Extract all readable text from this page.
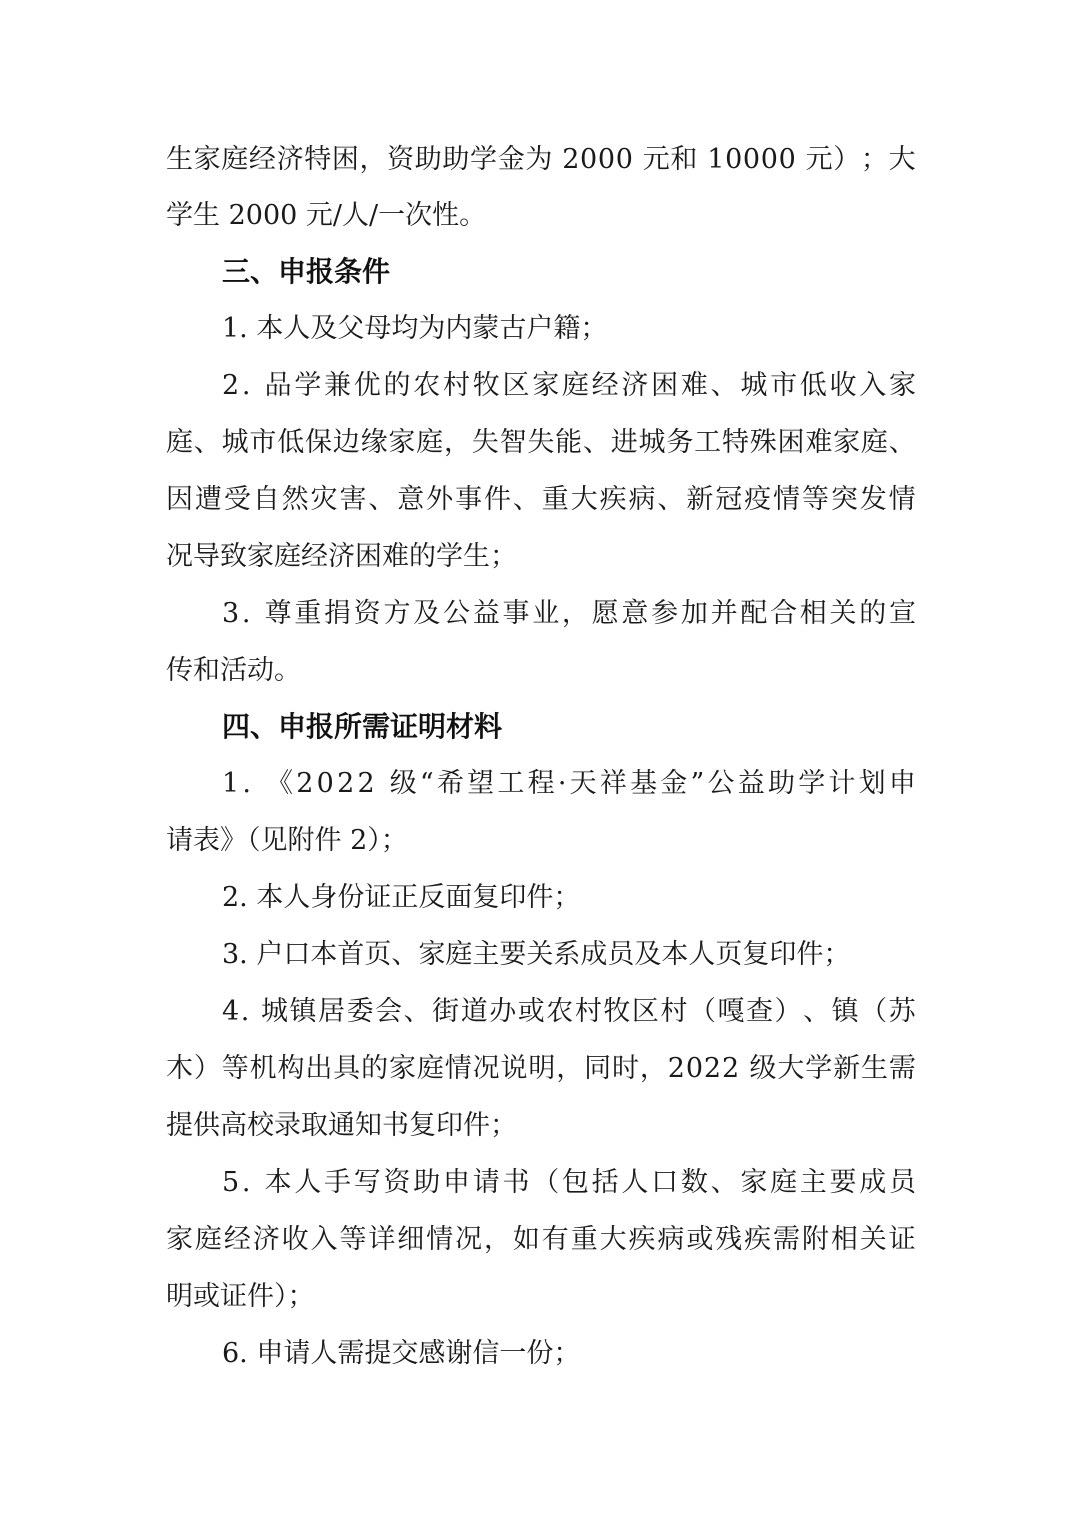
生 家 庭 经 济 特 困 ， 资 助 助 学 金 为
2 0 0 0
元 和
1 0 0 0 0
元 ） ； 大
学生 2000 元/人/一次性。
三、申报条件
1. 本人及父母均为内蒙古户籍；
2 .
品 学 兼 优 的 农 村 牧 区 家 庭 经 济 困 难 、 城 市 低 收 入 家
庭 、 城 市 低 保 边 缘 家 庭 ， 失 智 失 能 、 进 城 务 工 特 殊 困 难 家 庭 、
因 遭 受 自 然 灾 害 、 意 外 事 件 、 重 大 疾 病 、 新 冠 疫 情 等 突 发 情
况导致家庭经济困难的学生；
3 .
尊 重 捐 资 方 及 公 益 事 业 ， 愿 意 参 加 并 配 合 相 关 的 宣
传和活动。
四、申报所需证明材料
1 .
《 2 0 2 2
级 “ 希 望 工 程 · 天 祥 基 金 ” 公 益 助 学 计 划 申
请表》（见附件 2）；
2. 本人身份证正反面复印件；
3. 户口本首页、家庭主要关系成员及本人页复印件；
4 .
城 镇 居 委 会 、 街 道 办 或 农 村 牧 区 村 （ 嘎 查 ） 、 镇 （ 苏
木 ） 等 机 构 出 具 的 家 庭 情 况 说 明 ， 同 时 ， 2 0 2 2
级 大 学 新 生 需
提供高校录取通知书复印件；
5 .
本 人 手 写 资 助 申 请 书 （ 包 括 人 口 数 、 家 庭 主 要 成 员
家 庭 经 济 收 入 等 详 细 情 况 ， 如 有 重 大 疾 病 或 残 疾 需 附 相 关 证
明或证件）；
6. 申请人需提交感谢信一份；
